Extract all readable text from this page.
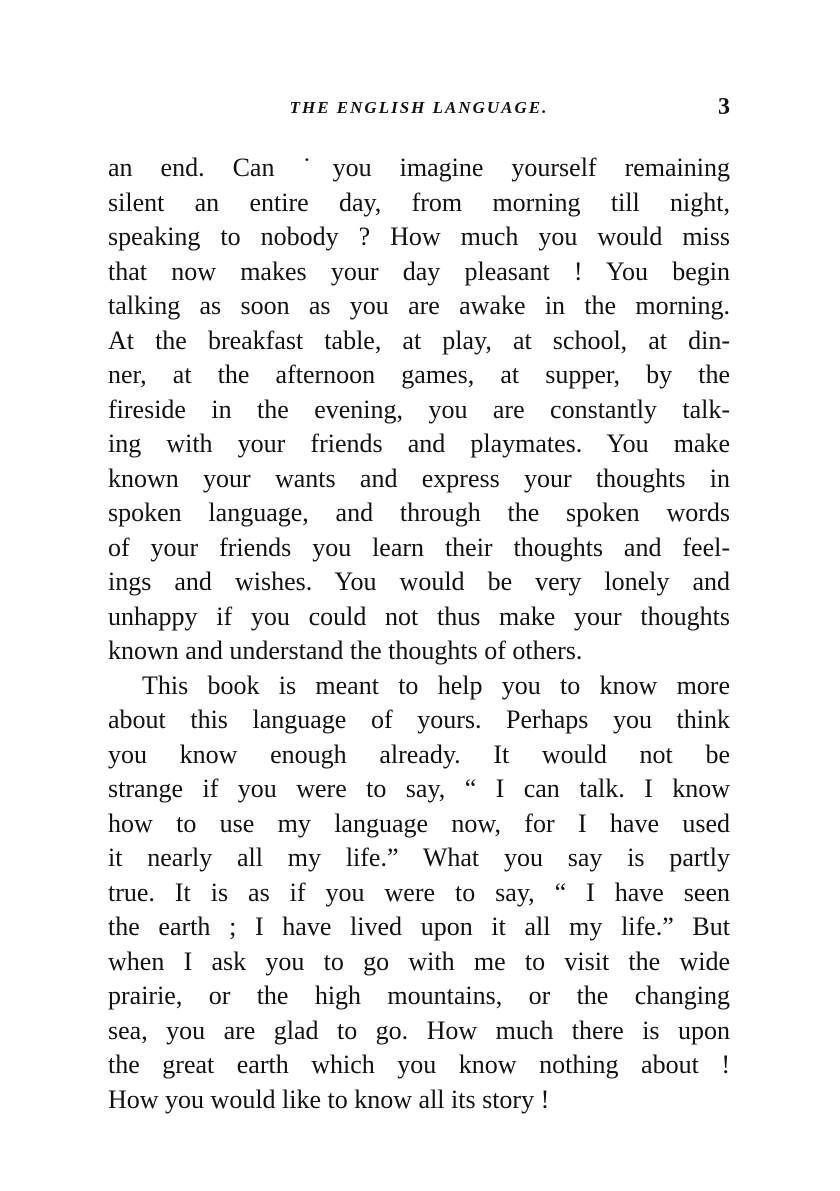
THE ENGLISH LANGUAGE.	3
an end. Can ˙you imagine yourself remaining
silent an entire day, from morning till night,
speaking to nobody ? How much you would miss
that now makes your day pleasant ! You begin
talking as soon as you are awake in the morning.
At the breakfast table, at play, at school, at din-
ner, at the afternoon games, at supper, by the
fireside in the evening, you are constantly talk-
ing with your friends and playmates. You make
known your wants and express your thoughts in
spoken language, and through the spoken words
of your friends you learn their thoughts and feel-
ings and wishes. You would be very lonely and
unhappy if you could not thus make your thoughts
known and understand the thoughts of others.
This book is meant to help you to know more
about this language of yours. Perhaps you think
you know enough already. It would not be
strange if you were to say, “ I can talk. I know
how to use my language now, for I have used
it nearly all my life.” What you say is partly
true. It is as if you were to say, “ I have seen
the earth ; I have lived upon it all my life.” But
when I ask you to go with me to visit the wide
prairie, or the high mountains, or the changing
sea, you are glad to go. How much there is upon
the great earth which you know nothing about !
How you would like to know all its story !
